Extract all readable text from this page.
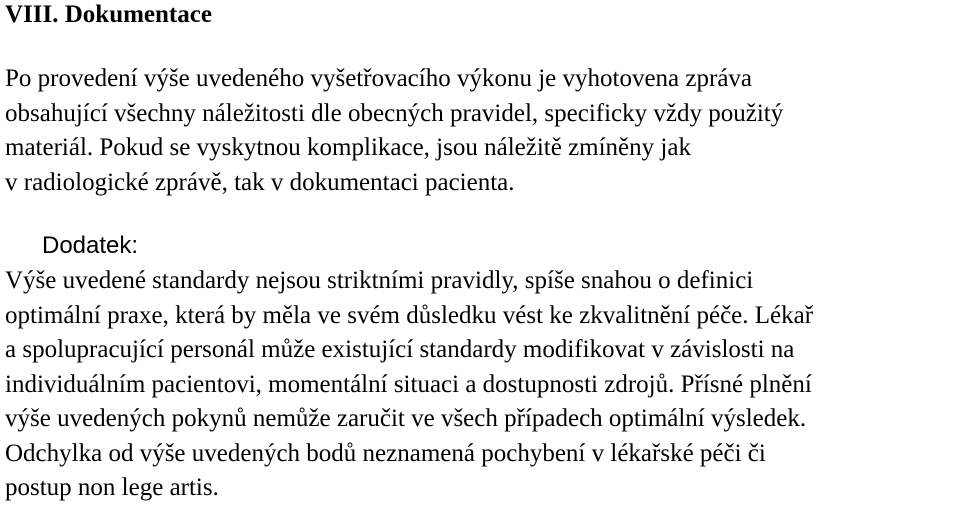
VIII. Dokumentace

Po provedení výše uvedeného vyšetřovacího výkonu je vyhotovena zpráva
obsahující všechny náležitosti dle obecných pravidel, specificky vždy použitý
materiál. Pokud se vyskytnou komplikace, jsou náležitě zmíněny jak
v radiologické zprávě, tak v dokumentaci pacienta.

Dodatek:

Výše uvedené standardy nejsou striktními pravidly, spíše snahou o definici
optimální praxe, která by měla ve svém důsledku vést ke zkvalitnění péče. Lékař
a spolupracující personál může existující standardy modifikovat v závislosti na
individuálním pacientovi, momentální situaci a dostupnosti zdrojů. Přísné plnění
výše uvedených pokynů nemůže zaručit ve všech případech optimální výsledek.
Odchylka od výše uvedených bodů neznamená pochybení v lékařské péči či
postup non lege artis.
